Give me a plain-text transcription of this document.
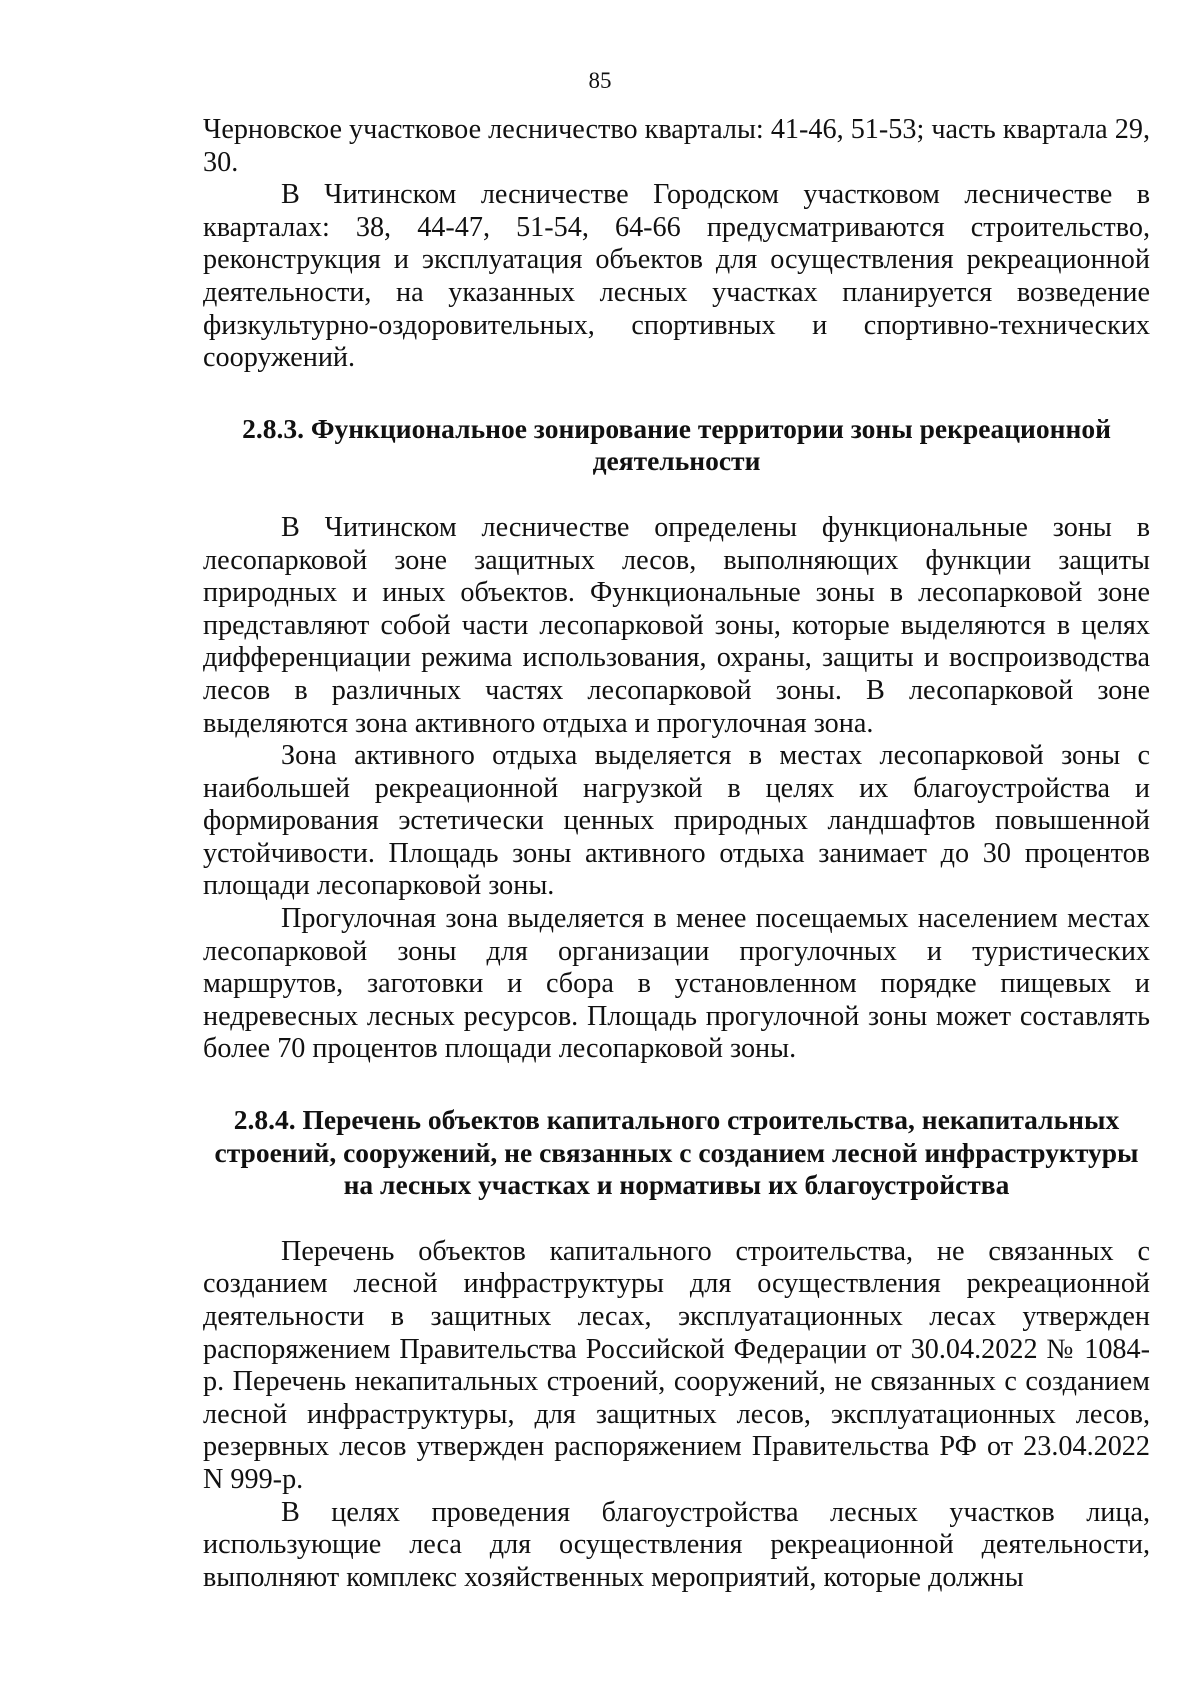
85

Черновское участковое лесничество кварталы: 41-46, 51-53; часть квартала 29, 30.

В Читинском лесничестве Городском участковом лесничестве в кварталах: 38, 44-47, 51-54, 64-66 предусматриваются строительство, реконструкция и эксплуатация объектов для осуществления рекреационной деятельности, на указанных лесных участках планируется возведение физкультурно-оздоровительных, спортивных и спортивно-технических сооружений.

2.8.3. Функциональное зонирование территории зоны рекреационной деятельности

В Читинском лесничестве определены функциональные зоны в лесопарковой зоне защитных лесов, выполняющих функции защиты природных и иных объектов. Функциональные зоны в лесопарковой зоне представляют собой части лесопарковой зоны, которые выделяются в целях дифференциации режима использования, охраны, защиты и воспроизводства лесов в различных частях лесопарковой зоны. В лесопарковой зоне выделяются зона активного отдыха и прогулочная зона.

Зона активного отдыха выделяется в местах лесопарковой зоны с наибольшей рекреационной нагрузкой в целях их благоустройства и формирования эстетически ценных природных ландшафтов повышенной устойчивости. Площадь зоны активного отдыха занимает до 30 процентов площади лесопарковой зоны.

Прогулочная зона выделяется в менее посещаемых населением местах лесопарковой зоны для организации прогулочных и туристических маршрутов, заготовки и сбора в установленном порядке пищевых и недревесных лесных ресурсов. Площадь прогулочной зоны может составлять более 70 процентов площади лесопарковой зоны.

2.8.4. Перечень объектов капитального строительства, некапитальных строений, сооружений, не связанных с созданием лесной инфраструктуры на лесных участках и нормативы их благоустройства

Перечень объектов капитального строительства, не связанных с созданием лесной инфраструктуры для осуществления рекреационной деятельности в защитных лесах, эксплуатационных лесах утвержден распоряжением Правительства Российской Федерации от 30.04.2022 № 1084-р. Перечень некапитальных строений, сооружений, не связанных с созданием лесной инфраструктуры, для защитных лесов, эксплуатационных лесов, резервных лесов утвержден распоряжением Правительства РФ от 23.04.2022 N 999-р.

В целях проведения благоустройства лесных участков лица, использующие леса для осуществления рекреационной деятельности, выполняют комплекс хозяйственных мероприятий, которые должны
